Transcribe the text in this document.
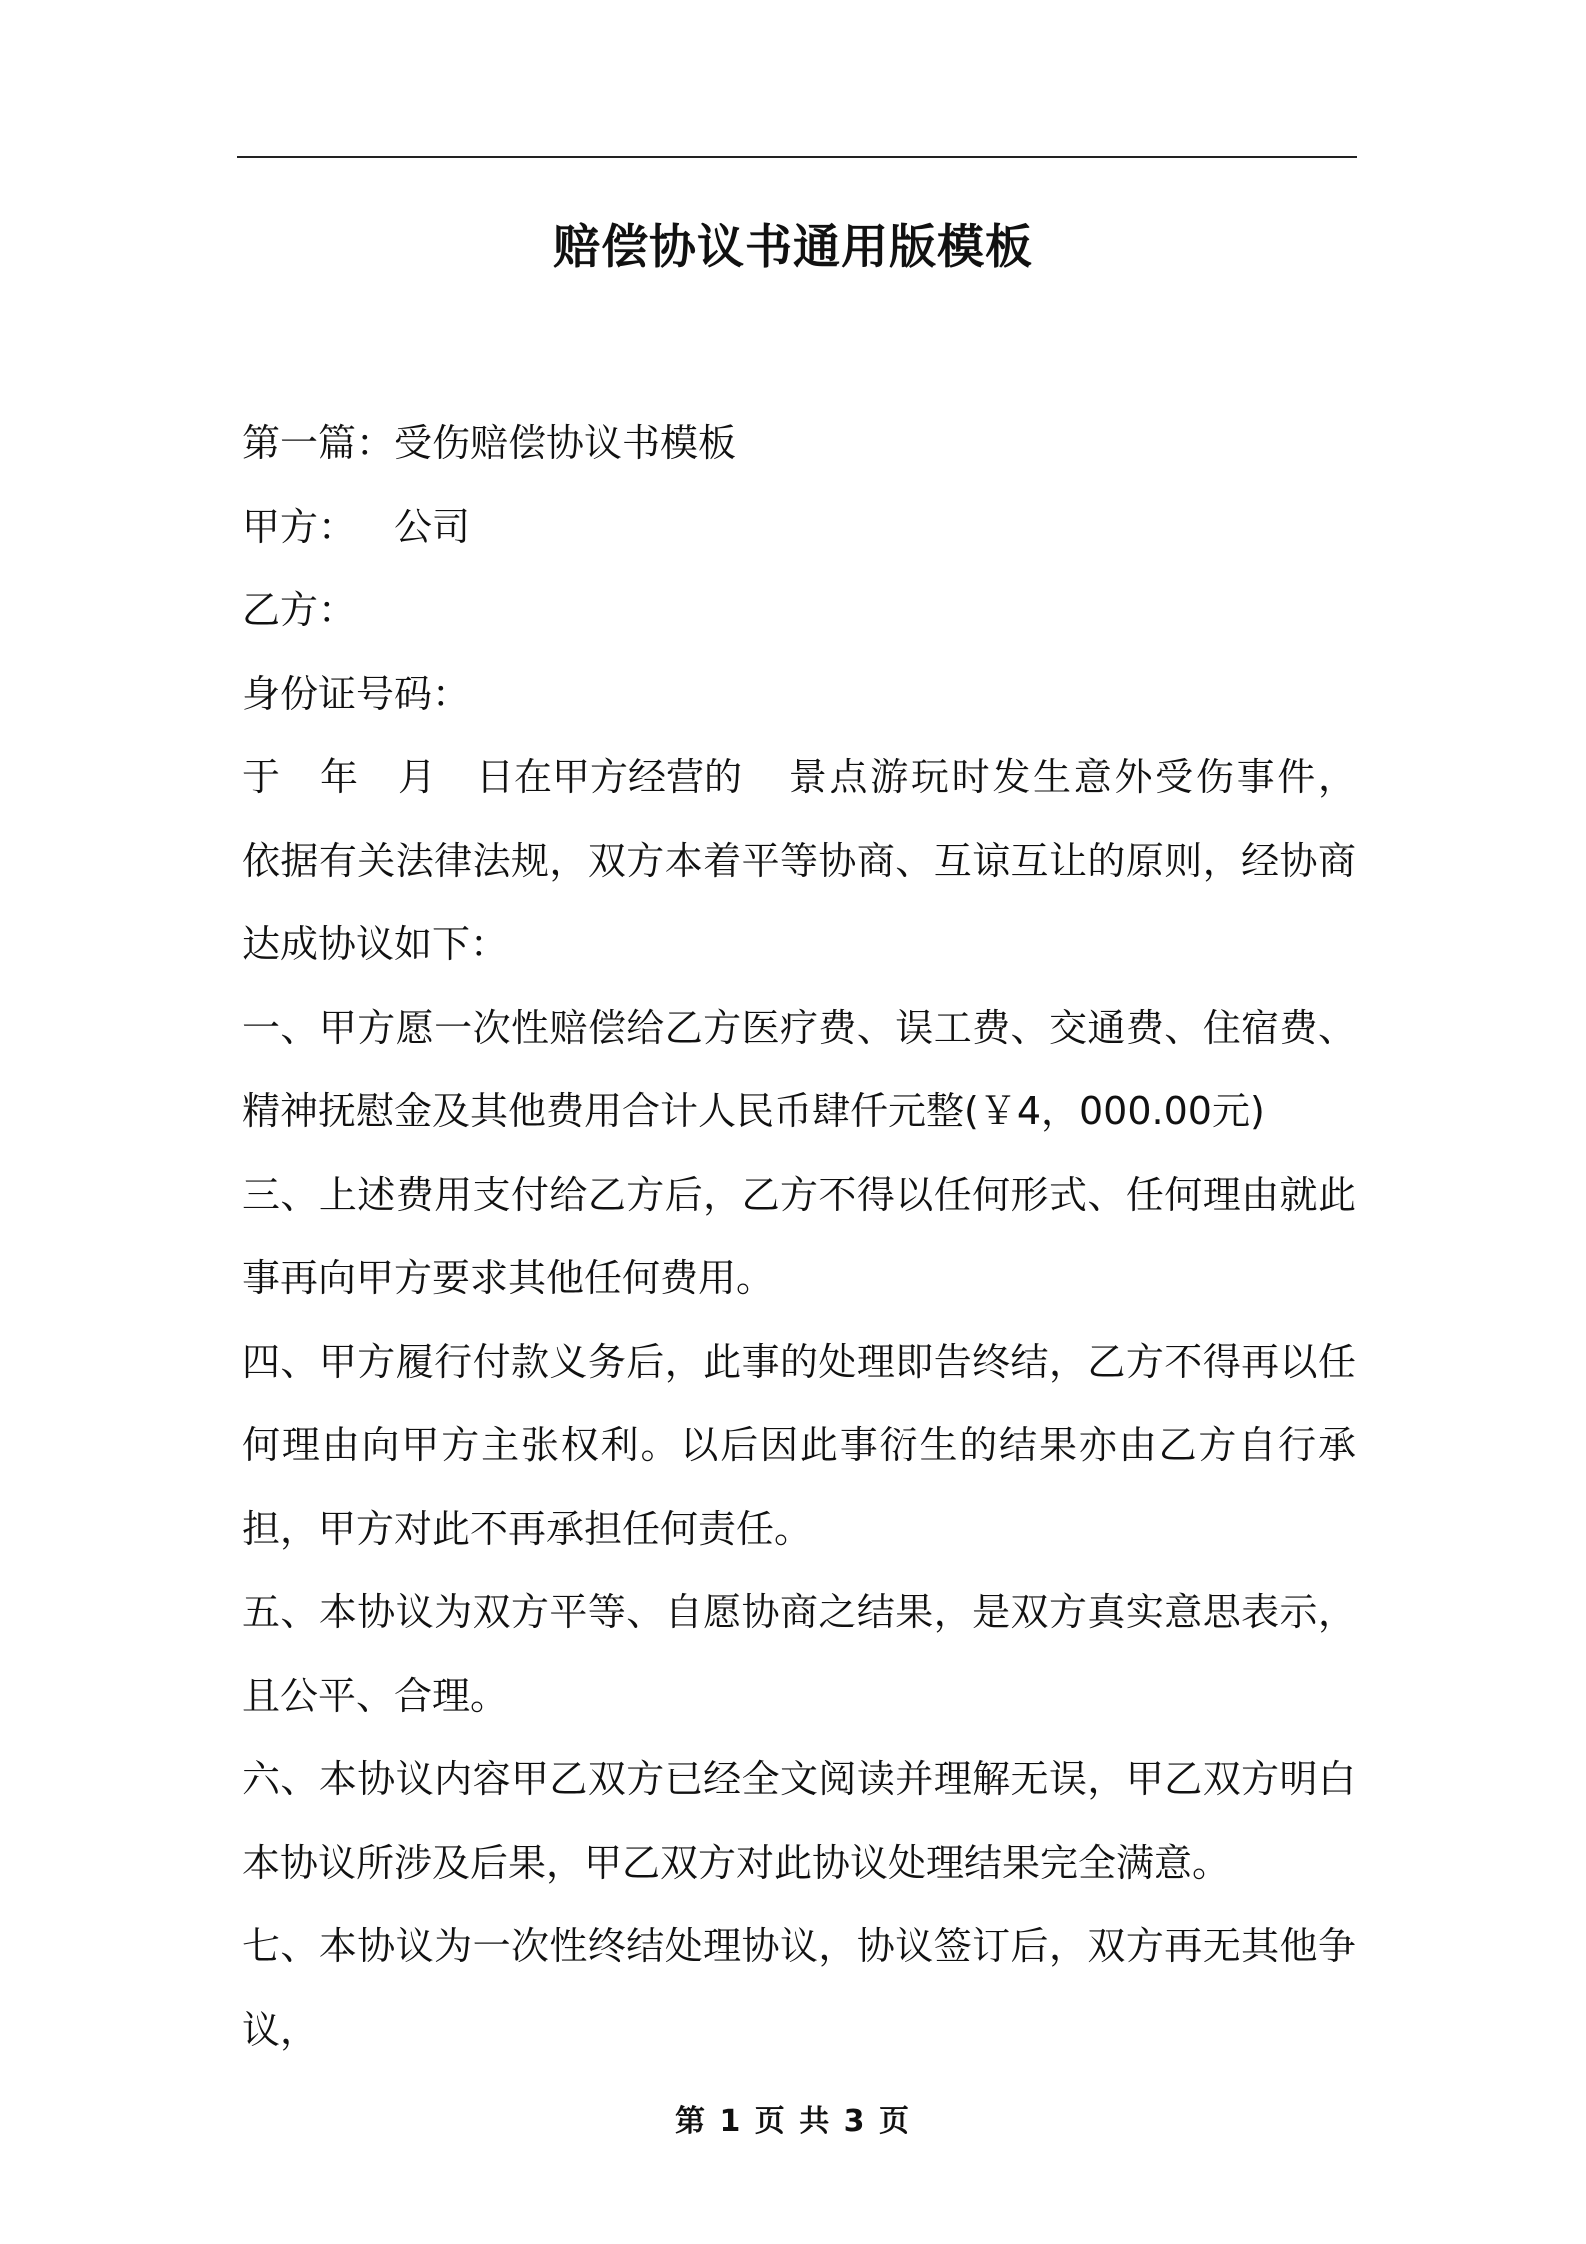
赔偿协议书通用版模板

第一篇：受伤赔偿协议书模板

甲方： 公司

乙方：

身份证号码：

于 年 月 日在甲方经营的 景点游玩时发生意外受伤事件，依据有关法律法规，双方本着平等协商、互谅互让的原则，经协商达成协议如下：

一、甲方愿一次性赔偿给乙方医疗费、误工费、交通费、住宿费、精神抚慰金及其他费用合计人民币肆仟元整(￥4，000.00元)

三、上述费用支付给乙方后，乙方不得以任何形式、任何理由就此事再向甲方要求其他任何费用。

四、甲方履行付款义务后，此事的处理即告终结，乙方不得再以任何理由向甲方主张权利。以后因此事衍生的结果亦由乙方自行承担，甲方对此不再承担任何责任。

五、本协议为双方平等、自愿协商之结果，是双方真实意思表示，且公平、合理。

六、本协议内容甲乙双方已经全文阅读并理解无误，甲乙双方明白本协议所涉及后果，甲乙双方对此协议处理结果完全满意。

七、本协议为一次性终结处理协议，协议签订后，双方再无其他争议，

第 1 页 共 3 页
